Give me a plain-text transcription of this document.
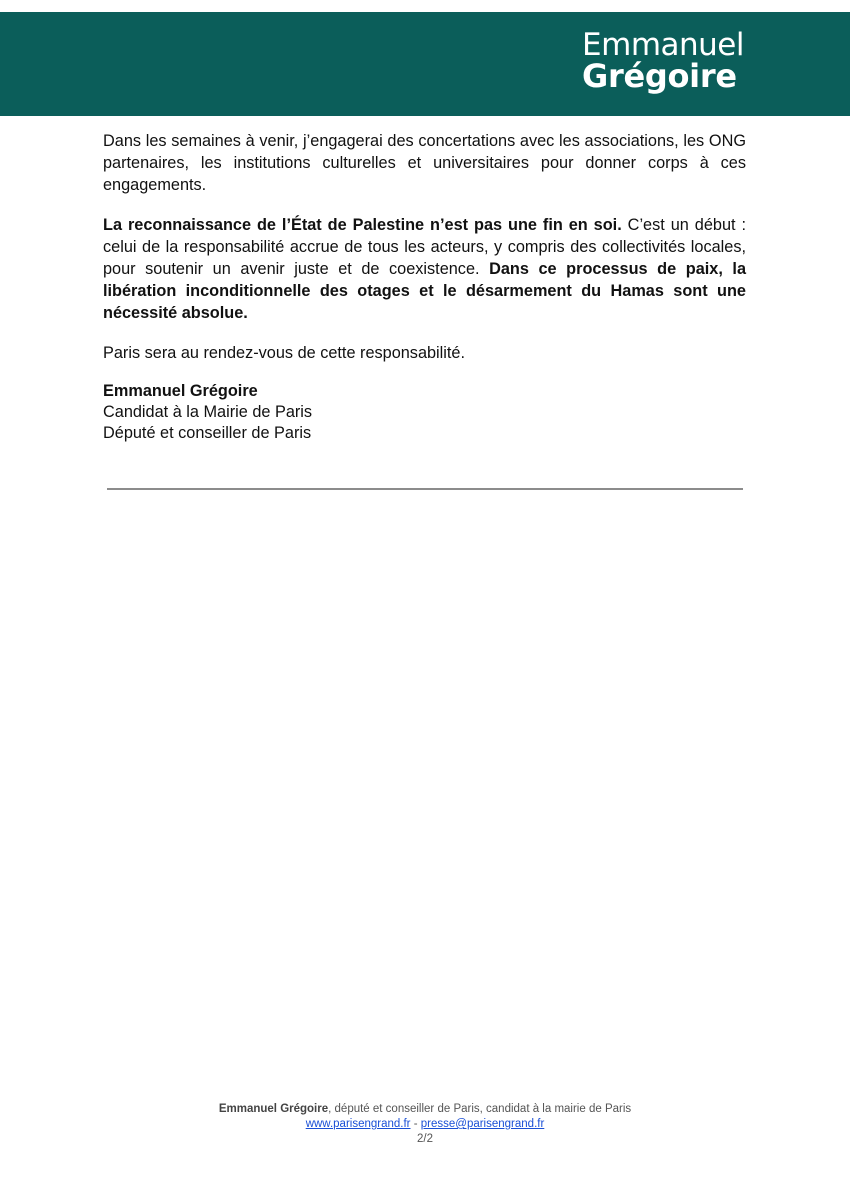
Emmanuel
Grégoire

Dans les semaines à venir, j’engagerai des concertations avec les associations, les ONG partenaires, les institutions culturelles et universitaires pour donner corps à ces engagements.

La reconnaissance de l’État de Palestine n’est pas une fin en soi. C’est un début : celui de la responsabilité accrue de tous les acteurs, y compris des collectivités locales, pour soutenir un avenir juste et de coexistence. Dans ce processus de paix, la libération inconditionnelle des otages et le désarmement du Hamas sont une nécessité absolue.

Paris sera au rendez-vous de cette responsabilité.

Emmanuel Grégoire
Candidat à la Mairie de Paris
Député et conseiller de Paris
Emmanuel Grégoire, député et conseiller de Paris, candidat à la mairie de Paris
www.parisengrand.fr - presse@parisengrand.fr
2/2
